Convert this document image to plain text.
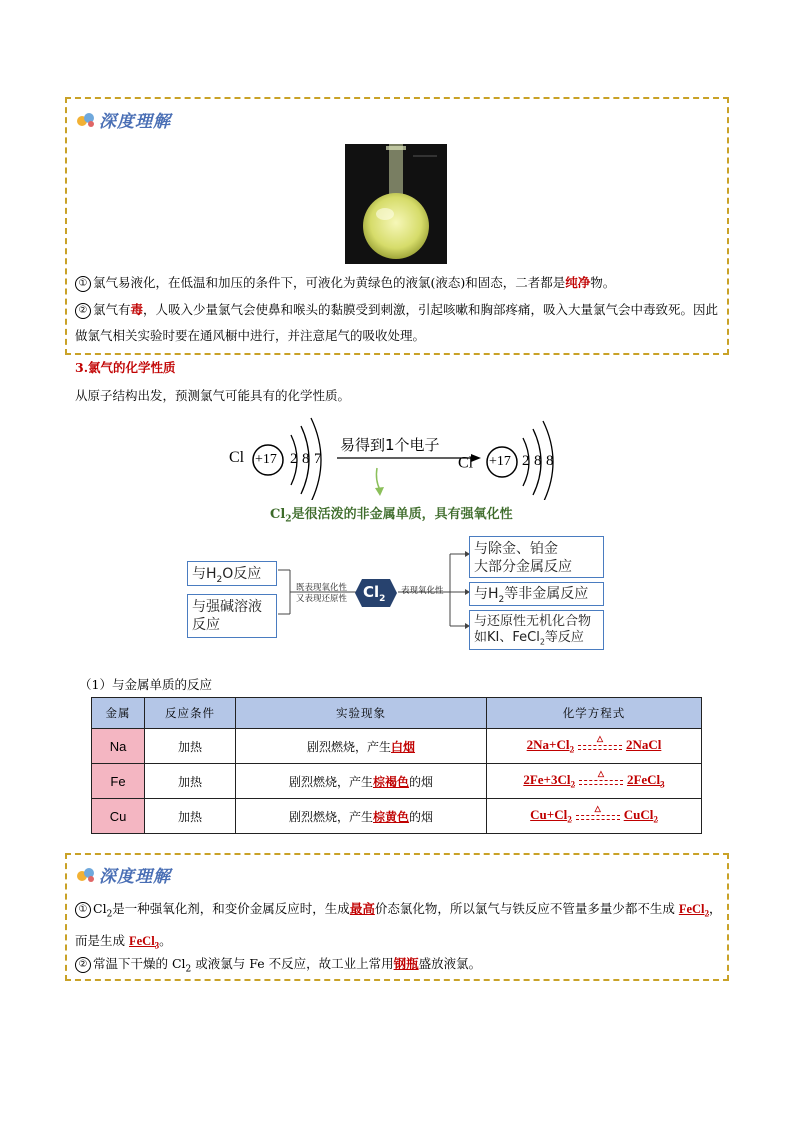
深度理解
① 氯气易液化，在低温和加压的条件下，可液化为黄绿色的液氯(液态)和固态，二者都是纯净物。
② 氯气有毒，人吸入少量氯气会使鼻和喉头的黏膜受到刺激，引起咳嗽和胸部疼痛，吸入大量氯气会中毒致死。因此做氯气相关实验时要在通风橱中进行，并注意尾气的吸收处理。
3.氯气的化学性质
从原子结构出发，预测氯气可能具有的化学性质。
Cl +17 2 8 7
易得到1个电子
Cl− +17 2 8 8
$Cl_2$是很活泼的非金属单质，具有强氧化性
$Cl_2$
既表现氧化性
又表现还原性
表现氧化性
与$H_2O$反应
与强碱溶液反应
与除金、铂金
大部分金属反应
与$H_2$等非金属反应
与还原性无机化合物
如KI、FeCl$_2$等反应
（1）与金属单质的反应
金属	反应条件	实验现象	化学方程式
Na	加热	剧烈燃烧，产生白烟	$2Na+Cl_2$
△ 2NaCl
Fe	加热	剧烈燃烧，产生棕褐色的烟	$2Fe+3Cl_2$
△ 2FeCl$_3$
Cu	加热	剧烈燃烧，产生棕黄色的烟	$Cu+Cl_2$
△ CuCl$_2$
深度理解
① $Cl_2$是一种强氧化剂，和变价金属反应时，生成最高价态氯化物，所以氯气与铁反应不管量多量少都不生成 FeCl$_2$，而是生成 FeCl$_3$。
② 常温下干燥的 $Cl_2$ 或液氯与 Fe 不反应，故工业上常用钢瓶盛放液氯。
